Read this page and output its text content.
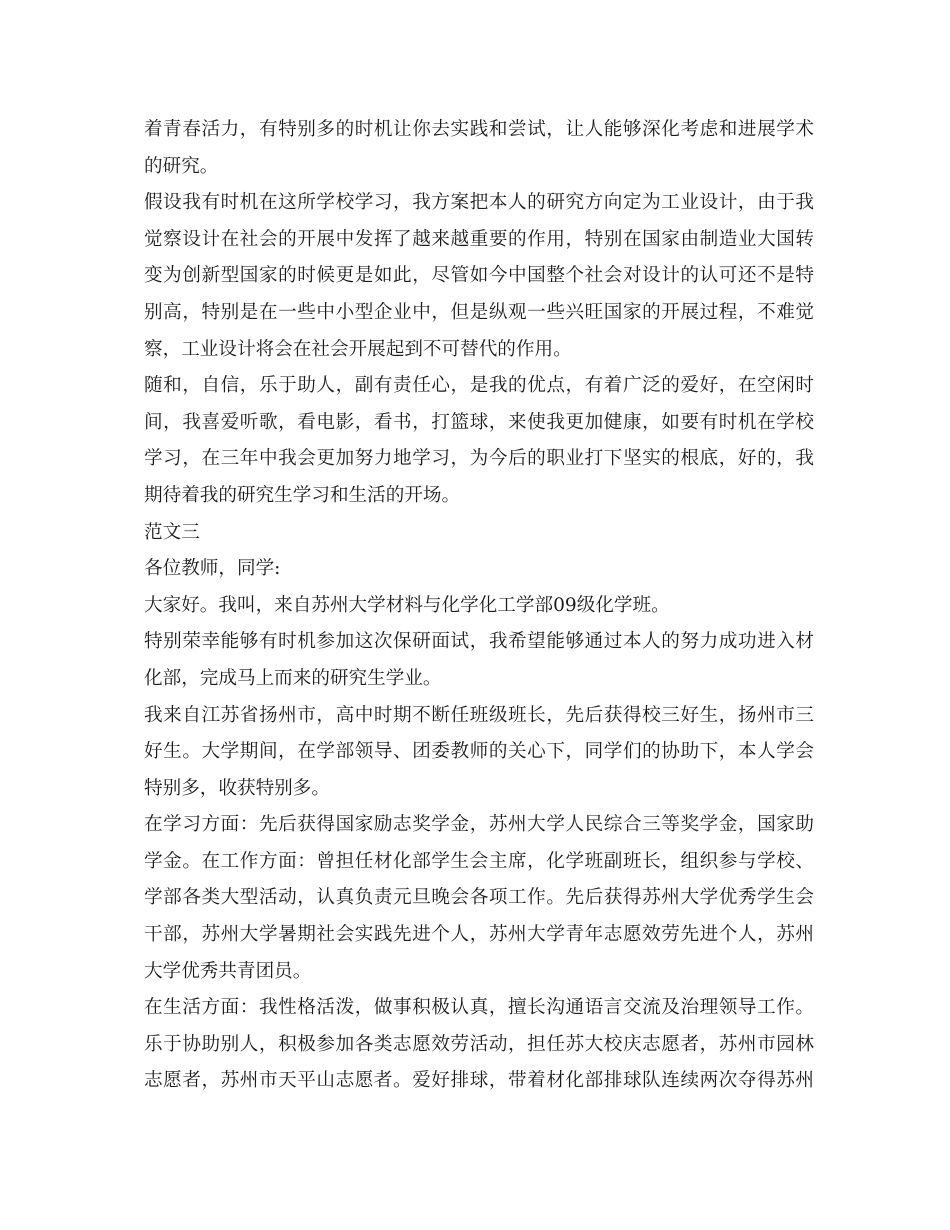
着青春活力，有特别多的时机让你去实践和尝试，让人能够深化考虑和进展学术

的研究。

假设我有时机在这所学校学习，我方案把本人的研究方向定为工业设计，由于我

觉察设计在社会的开展中发挥了越来越重要的作用，特别在国家由制造业大国转

变为创新型国家的时候更是如此，尽管如今中国整个社会对设计的认可还不是特

别高，特别是在一些中小型企业中，但是纵观一些兴旺国家的开展过程，不难觉

察，工业设计将会在社会开展起到不可替代的作用。

随和，自信，乐于助人，副有责任心，是我的优点，有着广泛的爱好，在空闲时

间，我喜爱听歌，看电影，看书，打篮球，来使我更加健康，如要有时机在学校

学习，在三年中我会更加努力地学习，为今后的职业打下坚实的根底，好的，我

期待着我的研究生学习和生活的开场。

范文三

各位教师，同学:

大家好。我叫，来自苏州大学材料与化学化工学部09级化学班。

特别荣幸能够有时机参加这次保研面试，我希望能够通过本人的努力成功进入材

化部，完成马上而来的研究生学业。

我来自江苏省扬州市，高中时期不断任班级班长，先后获得校三好生，扬州市三

好生。大学期间，在学部领导、团委教师的关心下，同学们的协助下，本人学会

特别多，收获特别多。

在学习方面：先后获得国家励志奖学金，苏州大学人民综合三等奖学金，国家助

学金。在工作方面：曾担任材化部学生会主席，化学班副班长，组织参与学校、

学部各类大型活动，认真负责元旦晚会各项工作。先后获得苏州大学优秀学生会

干部，苏州大学暑期社会实践先进个人，苏州大学青年志愿效劳先进个人，苏州

大学优秀共青团员。

在生活方面：我性格活泼，做事积极认真，擅长沟通语言交流及治理领导工作。

乐于协助别人，积极参加各类志愿效劳活动，担任苏大校庆志愿者，苏州市园林

志愿者，苏州市天平山志愿者。爱好排球，带着材化部排球队连续两次夺得苏州
